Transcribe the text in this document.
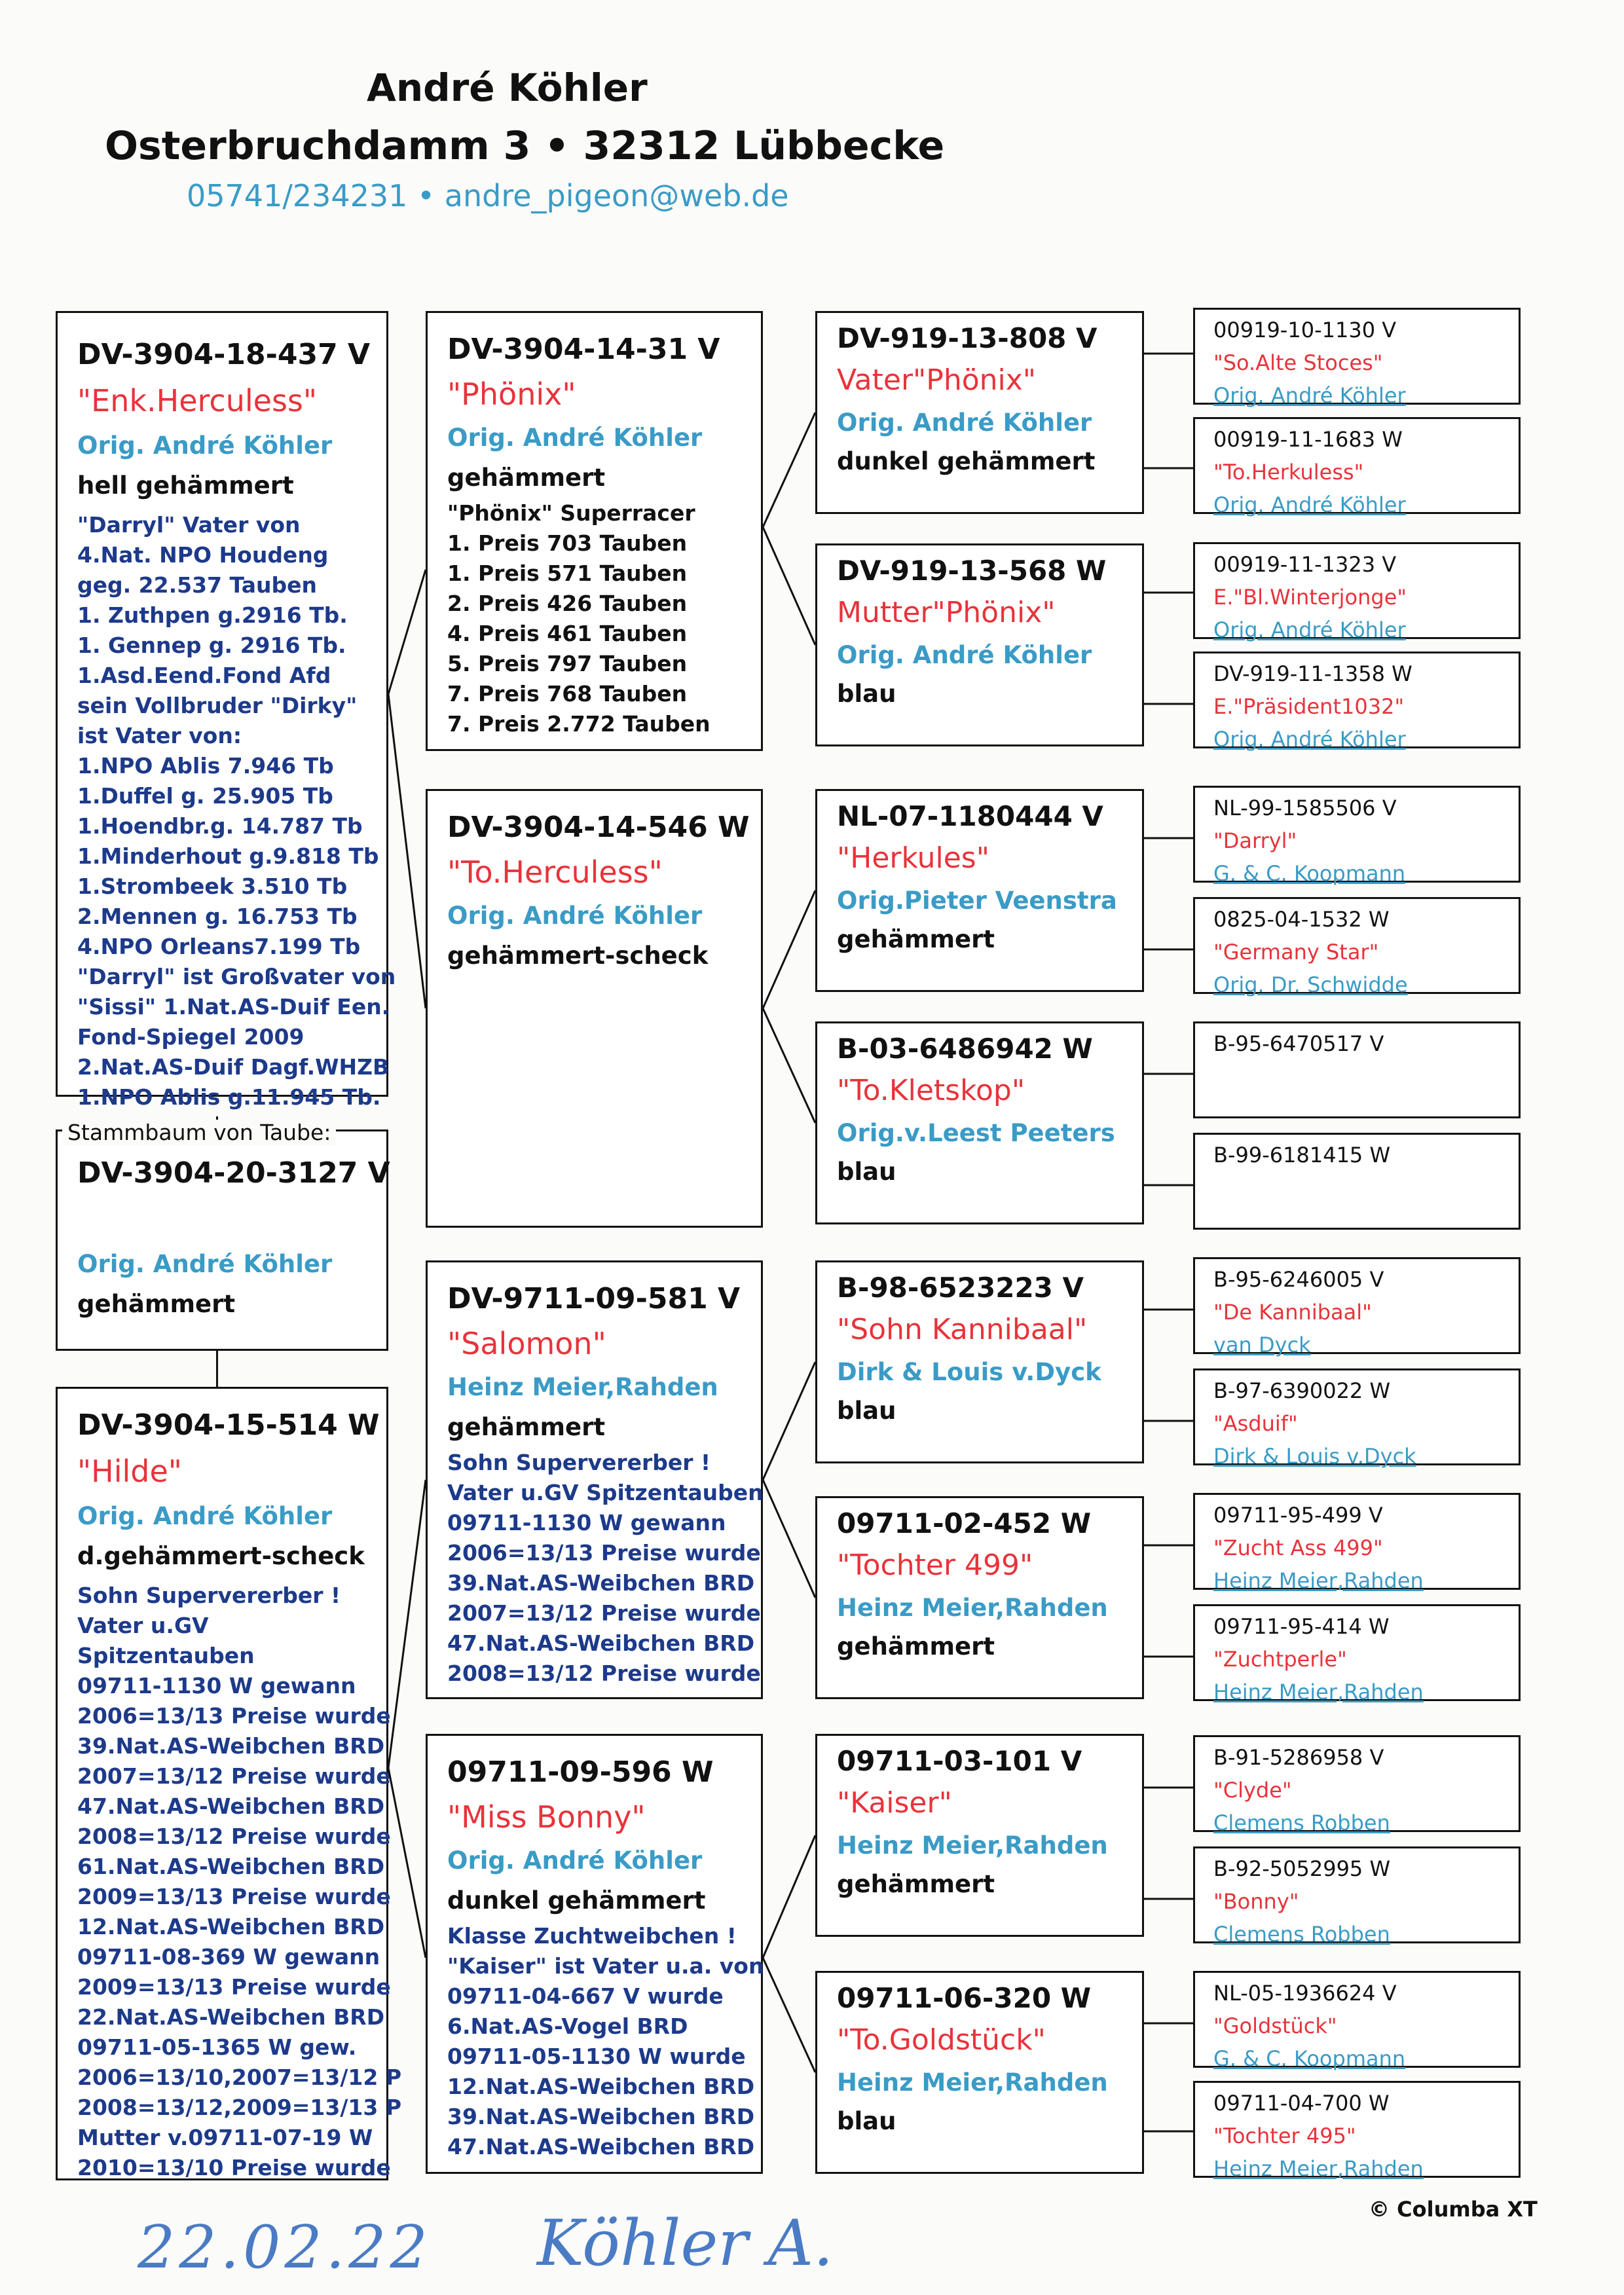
André Köhler
Osterbruchdamm 3 • 32312 Lübbecke
05741/234231 • andre_pigeon@web.de
DV-3904-18-437 V
"Enk.Herculess"
Orig. André Köhler
hell gehämmert
"Darryl" Vater von
4.Nat. NPO Houdeng
geg. 22.537 Tauben
1. Zuthpen g.2916 Tb.
1. Gennep g. 2916 Tb.
1.Asd.Eend.Fond Afd
sein Vollbruder "Dirky"
ist Vater von:
1.NPO Ablis 7.946 Tb
1.Duffel g. 25.905 Tb
1.Hoendbr.g. 14.787 Tb
1.Minderhout g.9.818 Tb
1.Strombeek 3.510 Tb
2.Mennen g. 16.753 Tb
4.NPO Orleans7.199 Tb
"Darryl" ist Großvater von
"Sissi" 1.Nat.AS-Duif Een.
Fond-Spiegel 2009
2.Nat.AS-Duif Dagf.WHZB
1.NPO Ablis g.11.945 Tb.
DV-3904-20-3127 V
Orig. André Köhler
gehämmert
Stammbaum von Taube:
DV-3904-15-514 W
"Hilde"
Orig. André Köhler
d.gehämmert-scheck
Sohn Supervererber !
Vater u.GV
Spitzentauben
09711-1130 W gewann
2006=13/13 Preise wurde
39.Nat.AS-Weibchen BRD
2007=13/12 Preise wurde
47.Nat.AS-Weibchen BRD
2008=13/12 Preise wurde
61.Nat.AS-Weibchen BRD
2009=13/13 Preise wurde
12.Nat.AS-Weibchen BRD
09711-08-369 W gewann
2009=13/13 Preise wurde
22.Nat.AS-Weibchen BRD
09711-05-1365 W gew.
2006=13/10,2007=13/12 P
2008=13/12,2009=13/13 P
Mutter v.09711-07-19 W
2010=13/10 Preise wurde
DV-3904-14-31 V
"Phönix"
Orig. André Köhler
gehämmert
"Phönix" Superracer
1. Preis 703 Tauben
1. Preis 571 Tauben
2. Preis 426 Tauben
4. Preis 461 Tauben
5. Preis 797 Tauben
7. Preis 768 Tauben
7. Preis 2.772 Tauben
DV-3904-14-546 W
"To.Herculess"
Orig. André Köhler
gehämmert-scheck
DV-9711-09-581 V
"Salomon"
Heinz Meier,Rahden
gehämmert
Sohn Supervererber !
Vater u.GV Spitzentauben
09711-1130 W gewann
2006=13/13 Preise wurde
39.Nat.AS-Weibchen BRD
2007=13/12 Preise wurde
47.Nat.AS-Weibchen BRD
2008=13/12 Preise wurde
09711-09-596 W
"Miss Bonny"
Orig. André Köhler
dunkel gehämmert
Klasse Zuchtweibchen !
"Kaiser" ist Vater u.a. von
09711-04-667 V wurde
6.Nat.AS-Vogel BRD
09711-05-1130 W wurde
12.Nat.AS-Weibchen BRD
39.Nat.AS-Weibchen BRD
47.Nat.AS-Weibchen BRD
DV-919-13-808 V
Vater"Phönix"
Orig. André Köhler
dunkel gehämmert
DV-919-13-568 W
Mutter"Phönix"
Orig. André Köhler
blau
NL-07-1180444 V
"Herkules"
Orig.Pieter Veenstra
gehämmert
B-03-6486942 W
"To.Kletskop"
Orig.v.Leest Peeters
blau
B-98-6523223 V
"Sohn Kannibaal"
Dirk & Louis v.Dyck
blau
09711-02-452 W
"Tochter 499"
Heinz Meier,Rahden
gehämmert
09711-03-101 V
"Kaiser"
Heinz Meier,Rahden
gehämmert
09711-06-320 W
"To.Goldstück"
Heinz Meier,Rahden
blau
00919-10-1130 V
"So.Alte Stoces"
Orig. André Köhler
00919-11-1683 W
"To.Herkuless"
Orig. André Köhler
00919-11-1323 V
E."Bl.Winterjonge"
Orig. André Köhler
DV-919-11-1358 W
E."Präsident1032"
Orig. André Köhler
NL-99-1585506 V
"Darryl"
G. & C. Koopmann
0825-04-1532 W
"Germany Star"
Orig. Dr. Schwidde
B-95-6470517 V
B-99-6181415 W
B-95-6246005 V
"De Kannibaal"
van Dyck
B-97-6390022 W
"Asduif"
Dirk & Louis v.Dyck
09711-95-499 V
"Zucht Ass 499"
Heinz Meier,Rahden
09711-95-414 W
"Zuchtperle"
Heinz Meier,Rahden
B-91-5286958 V
"Clyde"
Clemens Robben
B-92-5052995 W
"Bonny"
Clemens Robben
NL-05-1936624 V
"Goldstück"
G. & C. Koopmann
09711-04-700 W
"Tochter 495"
Heinz Meier,Rahden
© Columba XT
22.02.22 Köhler A.
